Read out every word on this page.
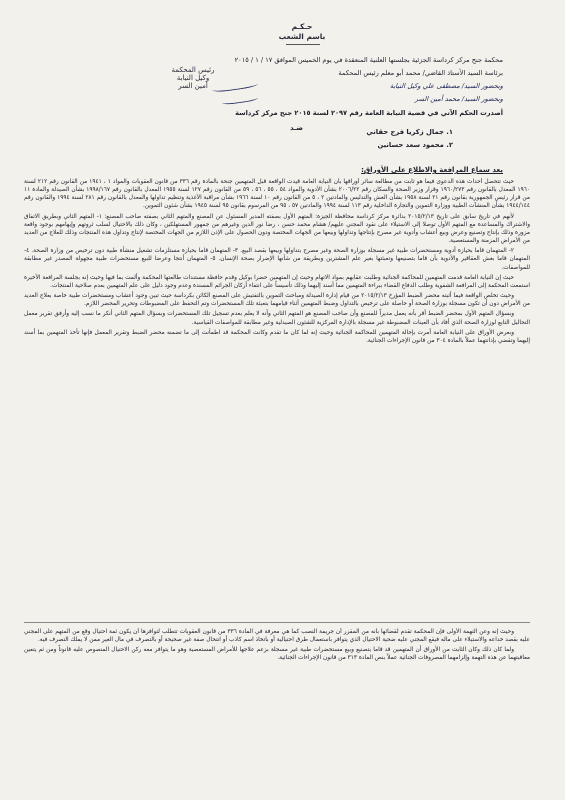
رئيس المحكمة
وكيل النيابة
أمين السر
حـكـم
باسم الشعب
محكمة جنح مركز كرداسة الجزئية بجلستها العلنية المنعقدة في يوم الخميس الموافق ١٧ / ١ / ٢٠١٥
برئاسة السيد الأستاذ القاضي/ محمد أبو معلم رئيس المحكمة
وبحضور السيد/ مصطفى علي وكيل النيابة
وبحضور السيد/ محمد أمين السر
أصدرت الحكم الآتي في قضية النيابة العامة رقم ٢٠٩٧ لسنة ٢٠١٥ جنح مركز كرداسة
ضـد	١. جمال زكريا فرج حقاني
٢. محمود سعد حسانين
بعد سماع المرافعة والاطلاع على الأوراق:

حيث تتحصل أحداث هذه الدعوى فيما هو ثابت من مطالعة سائر أوراقها بأن النيابة العامة قيدت الواقعة قبل المتهمين جنحة بالمادة رقم ٣٣٦ من قانون العقوبات والمواد ١ ، ١٩٤١ من القانون رقم ٢١٢ لسنة ١٩٦٠ المعدل بالقانون رقم ١٩٦٠/٢٧٣ وقرار وزير الصحة والسكان رقم ٢٠٠٦/٢٢ بشأن الأدوية والمواد ٥٤ ، ٥٥ ، ٥٦ ، ٥٩ من القانون رقم ١٢٧ لسنة ١٩٥٥ المعدل بالقانون رقم ١٩٩٨/١٦٧ بشأن الصيدلة والمادة ١١ من قرار رئيس الجمهورية بقانون رقم ٢١ لسنة ١٩٥٨ بشأن الغش والتدليس والمادتين ٢ ، ٥ من القانون رقم ١٠ لسنة ١٩٦٦ بشأن مراقبة الأغذية وتنظيم تداولها والمعدل بالقانون رقم ٢٨١ لسنة ١٩٩٤ والقانون رقم ١٩٤٤/١٤٤ بشأن المنشآت الطبية ووزارة التموين والتجارة الداخلية رقم ١١٣ لسنة ١٩٩٤ والمادتين ٥٧ ، ٩٥ من المرسوم بقانون ٩٥ لسنة ١٩٤٥ بشأن شئون التموين.

لأنهم في تاريخ سابق على تاريخ ٢٠١٥/٢/١٣ بدائرة مركز كرداسة محافظة الجيزة: المتهم الأول بصفته المدير المسئول عن المصنع والمتهم الثاني بصفته صاحب المصنع: ١- المتهم الثاني وبطريق الاتفاق والاشتراك والمساعدة مع المتهم الأول توصلا إلى الاستيلاء على نقود المجني عليهم/ هشام محمد حسن ، رضا نور الدين وغيرهم من جمهور المستهلكين ، وكان ذلك بالاحتيال لسلب ثروتهم وإيهامهم بوجود واقعة مزورة وذلك بإنتاج وتصنيع وعرض وبيع أعشاب وأدوية غير مصرح بإنتاجها وتداولها وبيعها من الجهات المختصة ودون الحصول على الإذن اللازم من الجهات المختصة لإنتاج وتداول هذه المنتجات وذلك للعلاج من العديد من الأمراض المزمنة والمستعصية.

٢- المتهمان قاما بحيازة أدوية ومستحضرات طبية غير مسجلة بوزارة الصحة وغير مصرح بتداولها وبيعها بقصد البيع. ٣- المتهمان قاما بحيازة مستلزمات تشغيل منشأة طبية دون ترخيص من وزارة الصحة. ٤- المتهمان قاما بغش العقاقير والأدوية بأن قاما بتصنيعها وتعبئتها بغير علم المشترين وبطريقة من شأنها الإضرار بصحة الإنسان. ٥- المتهمان أنتجا وعرضا للبيع مستحضرات طبية مجهولة المصدر غير مطابقة للمواصفات.

حيث إن النيابة العامة قدمت المتهمين للمحاكمة الجنائية وطلبت عقابهم بمواد الاتهام وحيث إن المتهمين حضرا بوكيل وقدم حافظة مستندات طالعتها المحكمة وألمت بما فيها وحيث إنه بجلسة المرافعة الأخيرة استمعت المحكمة إلى المرافعة الشفوية وطلب الدفاع القضاء ببراءة المتهمين مما أسند إليهما وذلك تأسيساً على انتفاء أركان الجرائم المسندة وعدم وجود دليل على علم المتهمين بعدم صلاحية المنتجات.

وحيث تخلص الواقعة فيما أثبته محضر الضبط المؤرخ ٢٠١٥/٢/١٣ من قيام إدارة الصيدلة ومباحث التموين بالتفتيش على المصنع الكائن بكرداسة حيث تبين وجود أعشاب ومستحضرات طبية خاصة بعلاج العديد من الأمراض دون أن تكون مسجلة بوزارة الصحة أو حاصلة على ترخيص بالتداول وضبط المتهمين أثناء قيامهما بتعبئة تلك المستحضرات وتم التحفظ على المضبوطات وتحرير المحضر اللازم.

وبسؤال المتهم الأول بمحضر الضبط أقر بأنه يعمل مديراً للمصنع وأن صاحب المصنع هو المتهم الثاني وأنه لا يعلم بعدم تسجيل تلك المستحضرات وبسؤال المتهم الثاني أنكر ما نسب إليه وأرفق تقرير معمل التحاليل التابع لوزارة الصحة الذي أفاد بأن العينات المضبوطة غير مسجلة بالإدارة المركزية للشئون الصيدلية وغير مطابقة للمواصفات القياسية.

وبعرض الأوراق على النيابة العامة أمرت بإحالة المتهمين للمحاكمة الجنائية وحيث إنه لما كان ما تقدم وكانت المحكمة قد اطمأنت إلى ما تضمنه محضر الضبط وتقرير المعمل فإنها تأخذ المتهمين بما أسند إليهما وتقضي بإدانتهما عملاً بالمادة ٣٠٤ من قانون الإجراءات الجنائية.

وحيث إنه وعن التهمة الأولى فإن المحكمة تقدم لقضائها بأنه من المقرر أن جريمة النصب كما هي معرفة في المادة ٣٣٦ من قانون العقوبات تتطلب لتوافرها أن يكون ثمة احتيال وقع من المتهم على المجني عليه بقصد خداعه والاستيلاء على ماله فيقع المجني عليه ضحية الاحتيال الذي يتوافر باستعمال طرق احتيالية أو باتخاذ اسم كاذب أو انتحال صفة غير صحيحة أو بالتصرف في مال الغير ممن لا يملك التصرف فيه.

ولما كان ذلك وكان الثابت من الأوراق أن المتهمين قد قاما بتصنيع وبيع مستحضرات طبية غير مسجلة بزعم علاجها للأمراض المستعصية وهو ما يتوافر معه ركن الاحتيال المنصوص عليه قانوناً ومن ثم يتعين معاقبتهما عن هذه التهمة وإلزامهما المصروفات الجنائية عملاً بنص المادة ٣١٣ من قانون الإجراءات الجنائية.
